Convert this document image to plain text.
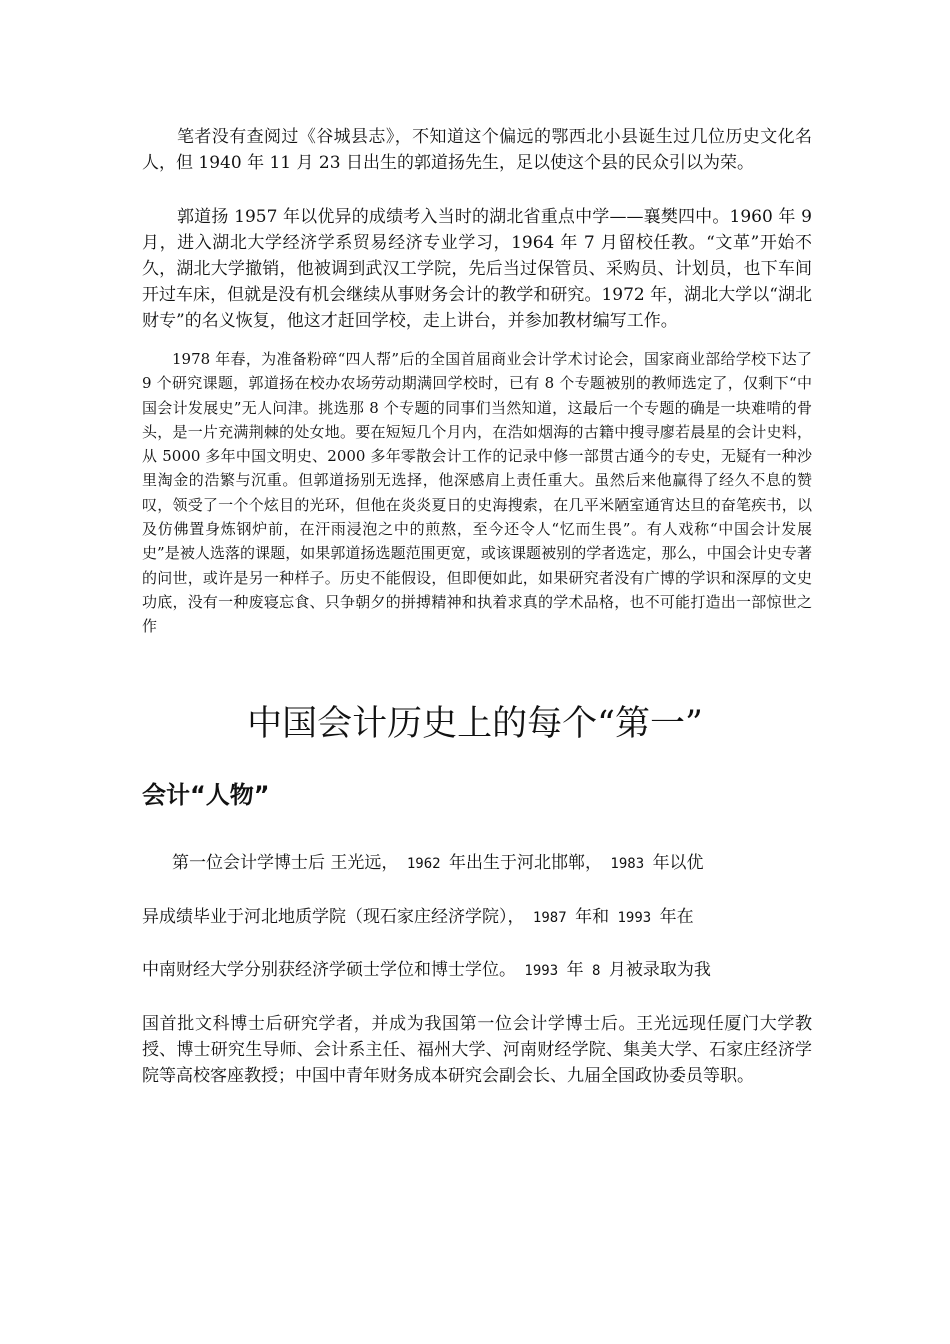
笔者没有查阅过《谷城县志》，不知道这个偏远的鄂西北小县诞生过几位历史文化名人，但 1940 年 11 月 23 日出生的郭道扬先生，足以使这个县的民众引以为荣。

郭道扬 1957 年以优异的成绩考入当时的湖北省重点中学——襄樊四中。1960 年 9 月，进入湖北大学经济学系贸易经济专业学习，1964 年 7 月留校任教。“文革”开始不久，湖北大学撤销，他被调到武汉工学院，先后当过保管员、采购员、计划员，也下车间开过车床，但就是没有机会继续从事财务会计的教学和研究。1972 年，湖北大学以“湖北财专”的名义恢复，他这才赶回学校，走上讲台，并参加教材编写工作。

1978 年春，为准备粉碎“四人帮”后的全国首届商业会计学术讨论会，国家商业部给学校下达了 9 个研究课题，郭道扬在校办农场劳动期满回学校时，已有 8 个专题被别的教师选定了，仅剩下“中国会计发展史”无人问津。挑选那 8 个专题的同事们当然知道，这最后一个专题的确是一块难啃的骨头，是一片充满荆棘的处女地。要在短短几个月内，在浩如烟海的古籍中搜寻廖若晨星的会计史料，从 5000 多年中国文明史、2000 多年零散会计工作的记录中修一部贯古通今的专史，无疑有一种沙里淘金的浩繁与沉重。但郭道扬别无选择，他深感肩上责任重大。虽然后来他赢得了经久不息的赞叹，领受了一个个炫目的光环，但他在炎炎夏日的史海搜索，在几平米陋室通宵达旦的奋笔疾书，以及仿佛置身炼钢炉前，在汗雨浸泡之中的煎熬，至今还令人“忆而生畏”。有人戏称“中国会计发展史”是被人选落的课题，如果郭道扬选题范围更宽，或该课题被别的学者选定，那么，中国会计史专著的问世，或许是另一种样子。历史不能假设，但即便如此，如果研究者没有广博的学识和深厚的文史功底，没有一种废寝忘食、只争朝夕的拼搏精神和执着求真的学术品格，也不可能打造出一部惊世之作

中国会计历史上的每个“第一”
会计“人物”
第一位会计学博士后 王光远， 1962 年出生于河北邯郸， 1983 年以优
异成绩毕业于河北地质学院（现石家庄经济学院）， 1987 年和 1993 年在
中南财经大学分别获经济学硕士学位和博士学位。 1993 年 8 月被录取为我
国首批文科博士后研究学者，并成为我国第一位会计学博士后。王光远现任厦门大学教授、博士研究生导师、会计系主任、福州大学、河南财经学院、集美大学、石家庄经济学院等高校客座教授；中国中青年财务成本研究会副会长、九届全国政协委员等职。
